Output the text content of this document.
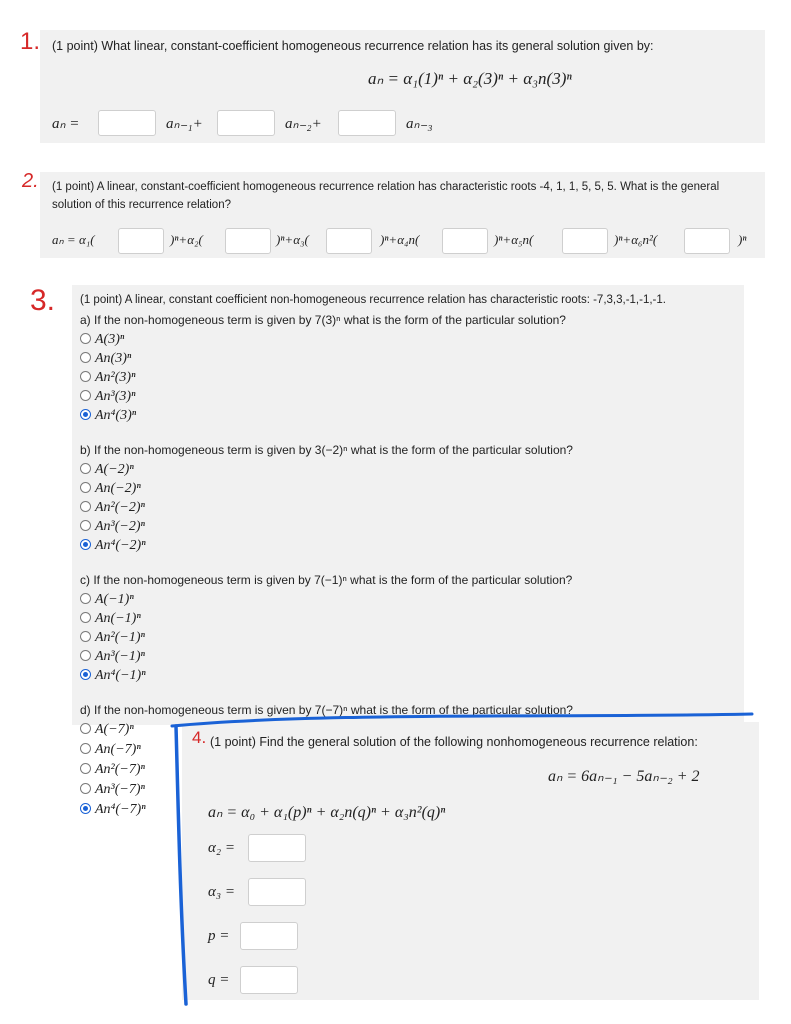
1.
2.
3.
(1 point) What linear, constant-coefficient homogeneous recurrence relation has its general solution given by:
aₙ = α₁(1)ⁿ + α₂(3)ⁿ + α₃n(3)ⁿ
aₙ =	aₙ₋₁+	aₙ₋₂+	aₙ₋₃
(1 point) A linear, constant-coefficient homogeneous recurrence relation has characteristic roots -4, 1, 1, 5, 5, 5. What is the general
solution of this recurrence relation?
aₙ = α₁(	)ⁿ+α₂(	)ⁿ+α₃(	)ⁿ+α₄n(	)ⁿ+α₅n(	)ⁿ+α₆n²(	)ⁿ
(1 point) A linear, constant coefficient non-homogeneous recurrence relation has characteristic roots: -7,3,3,-1,-1,-1.
a) If the non-homogeneous term is given by 7(3)ⁿ what is the form of the particular solution?
A(3)ⁿ
An(3)ⁿ
An²(3)ⁿ
An³(3)ⁿ
An⁴(3)ⁿ
b) If the non-homogeneous term is given by 3(−2)ⁿ what is the form of the particular solution?
A(−2)ⁿ
An(−2)ⁿ
An²(−2)ⁿ
An³(−2)ⁿ
An⁴(−2)ⁿ
c) If the non-homogeneous term is given by 7(−1)ⁿ what is the form of the particular solution?
A(−1)ⁿ
An(−1)ⁿ
An²(−1)ⁿ
An³(−1)ⁿ
An⁴(−1)ⁿ
d) If the non-homogeneous term is given by 7(−7)ⁿ what is the form of the particular solution?
A(−7)ⁿ
An(−7)ⁿ
An²(−7)ⁿ
An³(−7)ⁿ
An⁴(−7)ⁿ
(1 point) Find the general solution of the following nonhomogeneous recurrence relation:
aₙ = 6aₙ₋₁ − 5aₙ₋₂ + 2
aₙ = α₀ + α₁(p)ⁿ + α₂n(q)ⁿ + α₃n²(q)ⁿ
α₂ =
α₃ =
p =
q =
4.
